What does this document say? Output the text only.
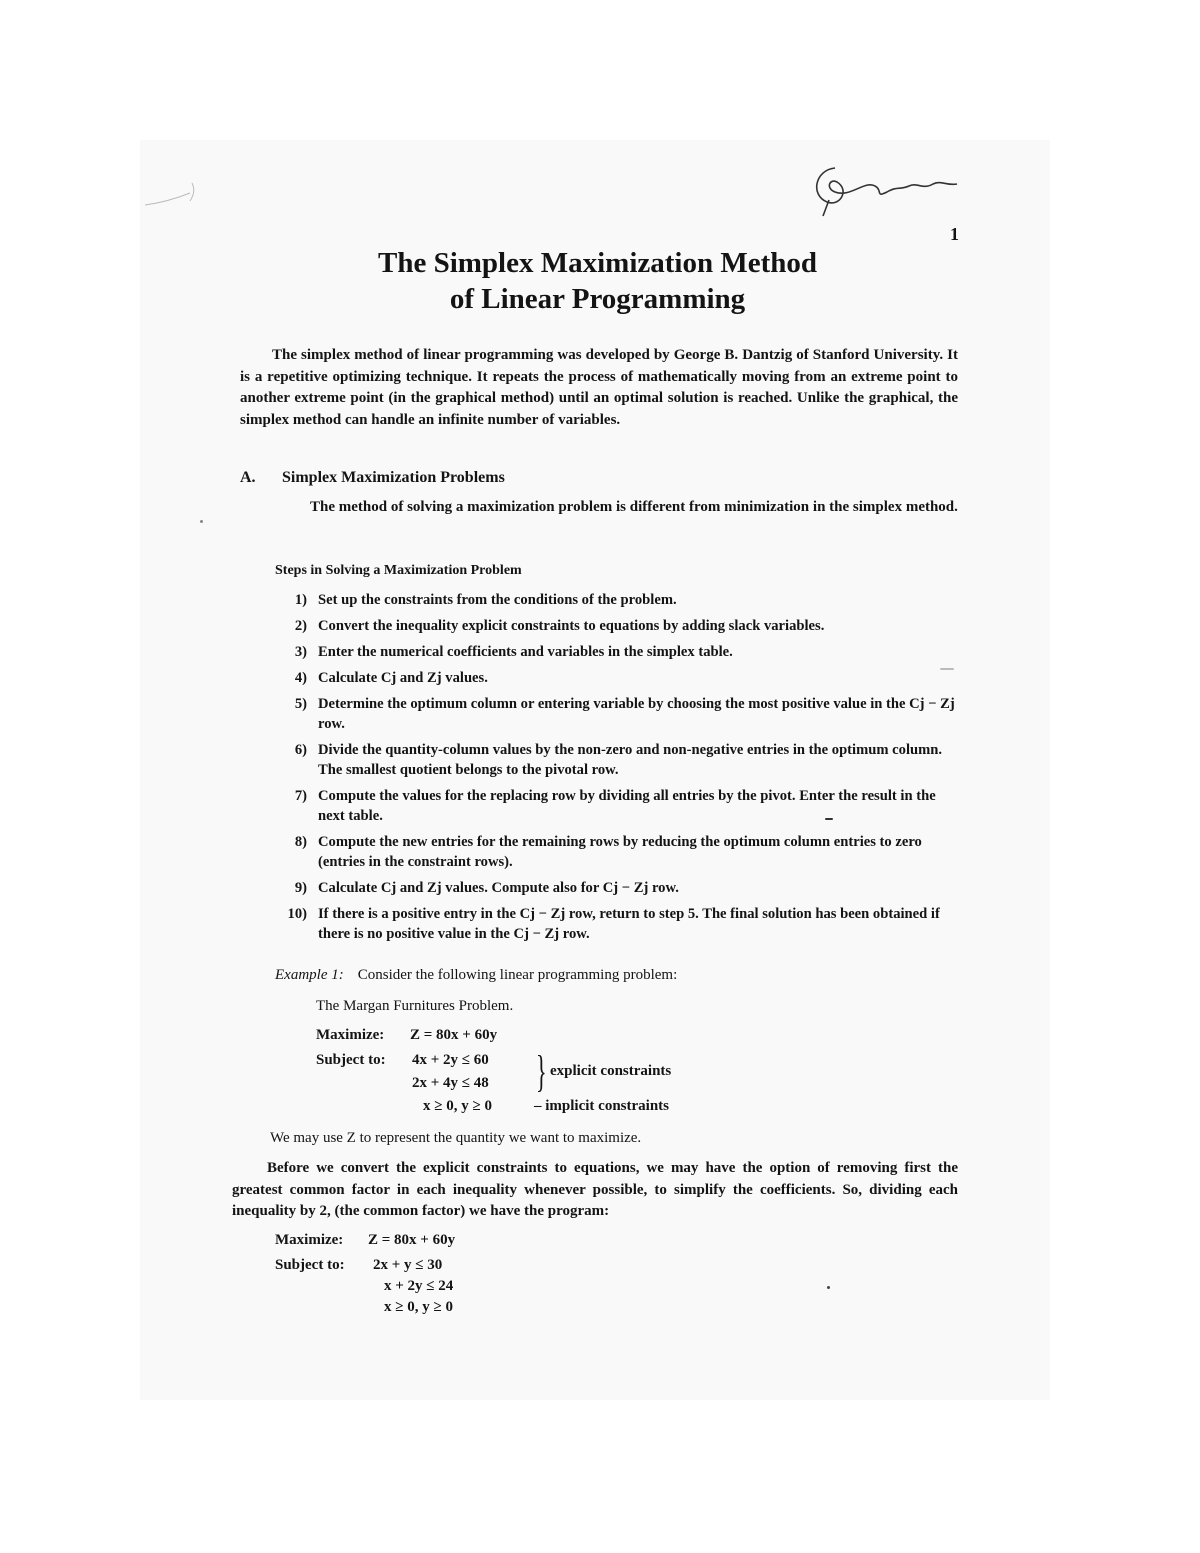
1
The Simplex Maximization Method
of Linear Programming

The simplex method of linear programming was developed by George B. Dantzig of Stanford University. It is a repetitive optimizing technique. It repeats the process of mathematically moving from an extreme point to another extreme point (in the graphical method) until an optimal solution is reached. Unlike the graphical, the simplex method can handle an infinite number of variables.

A. Simplex Maximization Problems

The method of solving a maximization problem is different from minimization in the simplex method.

Steps in Solving a Maximization Problem
1) Set up the constraints from the conditions of the problem.
2) Convert the inequality explicit constraints to equations by adding slack variables.
3) Enter the numerical coefficients and variables in the simplex table.
4) Calculate Cj and Zj values.
5) Determine the optimum column or entering variable by choosing the most positive value in the Cj − Zj row.
6) Divide the quantity-column values by the non-zero and non-negative entries in the optimum column. The smallest quotient belongs to the pivotal row.
7) Compute the values for the replacing row by dividing all entries by the pivot. Enter the result in the next table.
8) Compute the new entries for the remaining rows by reducing the optimum column entries to zero (entries in the constraint rows).
9) Calculate Cj and Zj values. Compute also for Cj − Zj row.
10) If there is a positive entry in the Cj − Zj row, return to step 5. The final solution has been obtained if there is no positive value in the Cj − Zj row.
Example 1: Consider the following linear programming problem:
The Margan Furnitures Problem.
Maximize: Z = 80x + 60y
Subject to: 4x + 2y ≤ 60
2x + 4y ≤ 48 } explicit constraints
x ≥ 0, y ≥ 0	– implicit constraints
We may use Z to represent the quantity we want to maximize.

Before we convert the explicit constraints to equations, we may have the option of removing first the greatest common factor in each inequality whenever possible, to simplify the coefficients. So, dividing each inequality by 2, (the common factor) we have the program:

Maximize: Z = 80x + 60y
Subject to: 2x + y ≤ 30
x + 2y ≤ 24
x ≥ 0, y ≥ 0
